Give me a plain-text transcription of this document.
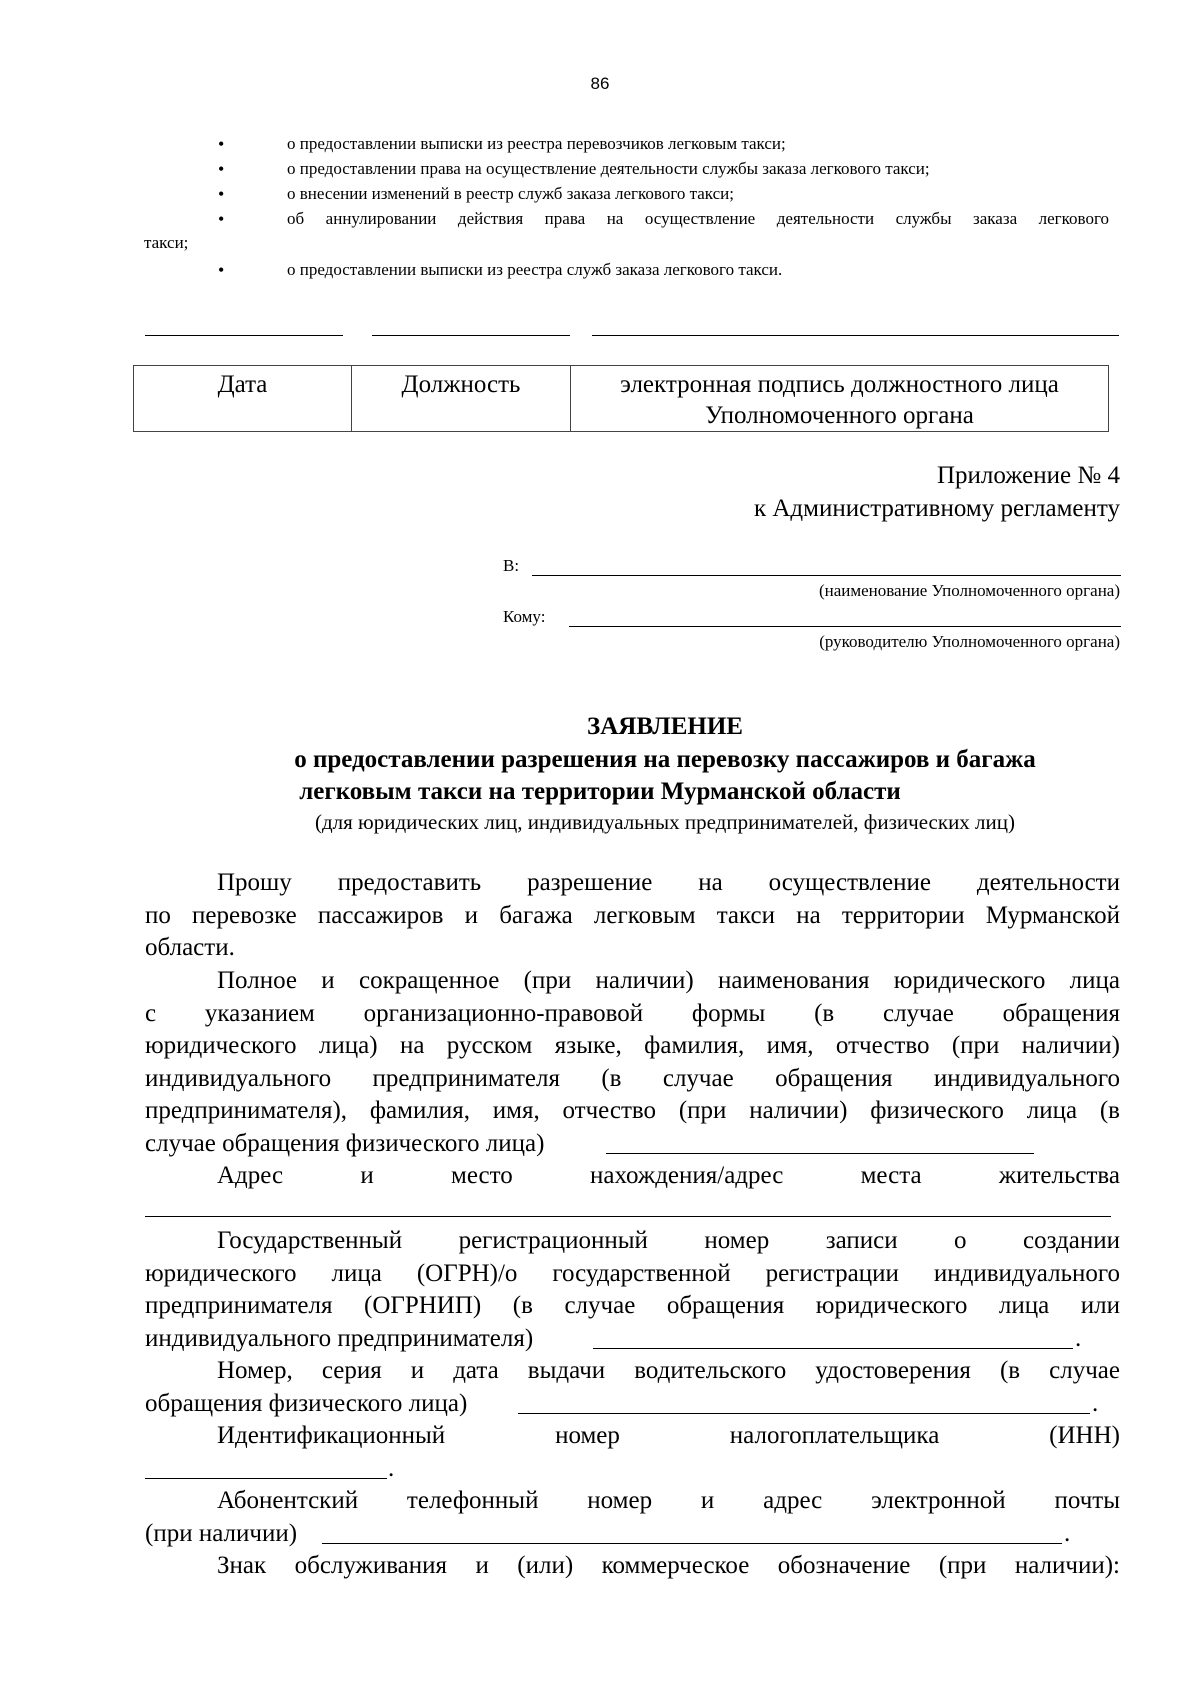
86
•	о предоставлении выписки из реестра перевозчиков легковым такси;
•	о предоставлении права на осуществление деятельности службы заказа легкового такси;
•	о внесении изменений в реестр служб заказа легкового такси;
•	об аннулировании действия права на осуществление деятельности службы заказа легкового
такси;
•	о предоставлении выписки из реестра служб заказа легкового такси.
Дата	Должность	электронная подпись должностного лица
Уполномоченного органа
Приложение № 4
к Административному регламенту
В:
(наименование Уполномоченного органа)
Кому:
(руководителю Уполномоченного органа)
ЗАЯВЛЕНИЕ
о предоставлении разрешения на перевозку пассажиров и багажа
легковым такси на территории Мурманской области
(для юридических лиц, индивидуальных предпринимателей, физических лиц)
Прошу предоставить разрешение на осуществление деятельности
по перевозке пассажиров и багажа легковым такси на территории Мурманской
области.
Полное и сокращенное (при наличии) наименования юридического лица
с указанием организационно-правовой формы (в случае обращения
юридического лица) на русском языке, фамилия, имя, отчество (при наличии)
индивидуального предпринимателя (в случае обращения индивидуального
предпринимателя), фамилия, имя, отчество (при наличии) физического лица (в
случае обращения физического лица)
Адрес и место нахождения/адрес места жительства
Государственный регистрационный номер записи о создании
юридического лица (ОГРН)/о государственной регистрации индивидуального
предпринимателя (ОГРНИП) (в случае обращения юридического лица или
индивидуального предпринимателя)	.
Номер, серия и дата выдачи водительского удостоверения (в случае
обращения физического лица)	.
Идентификационный номер налогоплательщика (ИНН)
.
Абонентский телефонный номер и адрес электронной почты
(при наличии)	.
Знак обслуживания и (или) коммерческое обозначение (при наличии):
